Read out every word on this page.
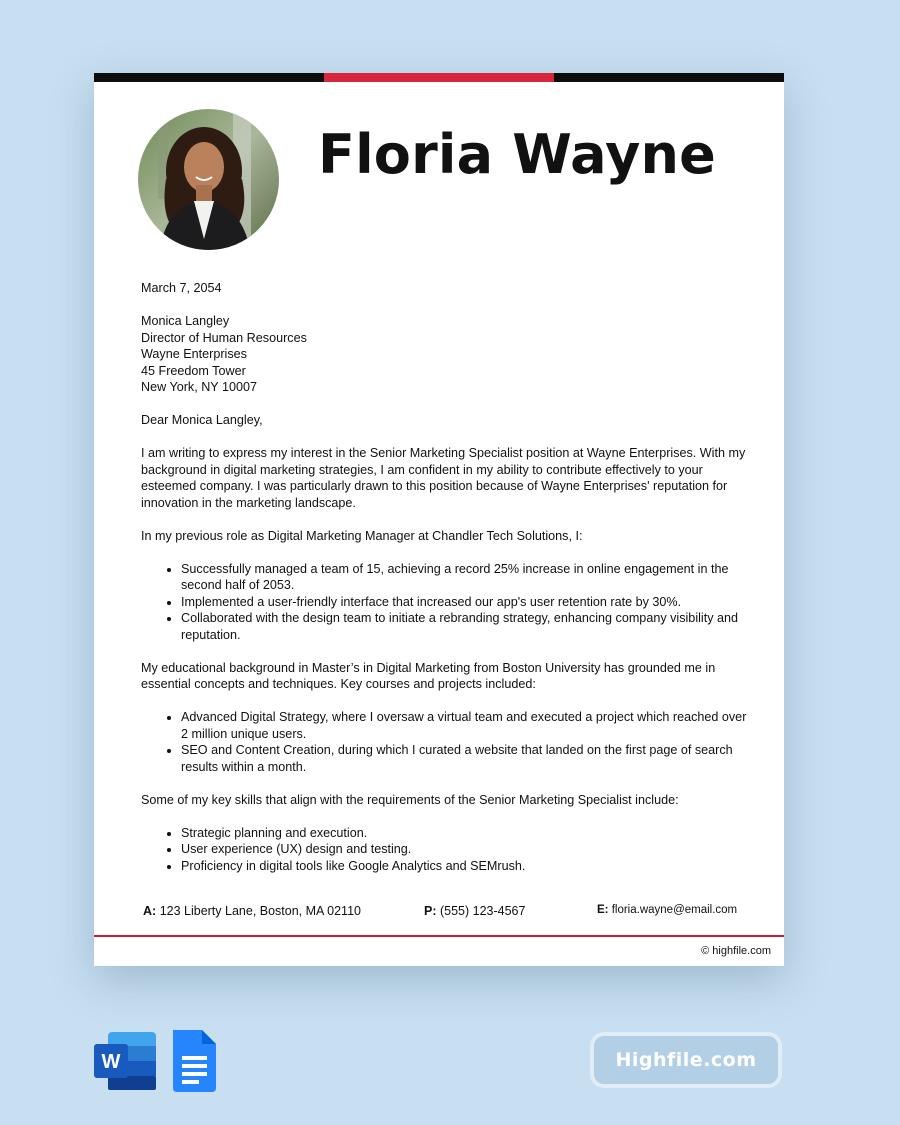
Floria Wayne

March 7, 2054

Monica Langley
Director of Human Resources
Wayne Enterprises
45 Freedom Tower
New York, NY 10007

Dear Monica Langley,

I am writing to express my interest in the Senior Marketing Specialist position at Wayne Enterprises. With my background in digital marketing strategies, I am confident in my ability to contribute effectively to your esteemed company. I was particularly drawn to this position because of Wayne Enterprises' reputation for innovation in the marketing landscape.

In my previous role as Digital Marketing Manager at Chandler Tech Solutions, I:

• Successfully managed a team of 15, achieving a record 25% increase in online engagement in the second half of 2053.
• Implemented a user-friendly interface that increased our app's user retention rate by 30%.
• Collaborated with the design team to initiate a rebranding strategy, enhancing company visibility and reputation.

My educational background in Master’s in Digital Marketing from Boston University has grounded me in essential concepts and techniques. Key courses and projects included:

• Advanced Digital Strategy, where I oversaw a virtual team and executed a project which reached over 2 million unique users.
• SEO and Content Creation, during which I curated a website that landed on the first page of search results within a month.

Some of my key skills that align with the requirements of the Senior Marketing Specialist include:

• Strategic planning and execution.
• User experience (UX) design and testing.
• Proficiency in digital tools like Google Analytics and SEMrush.
A: 123 Liberty Lane, Boston, MA 02110	P: (555) 123-4567	E: floria.wayne@email.com
© highfile.com
W	Highfile.com
